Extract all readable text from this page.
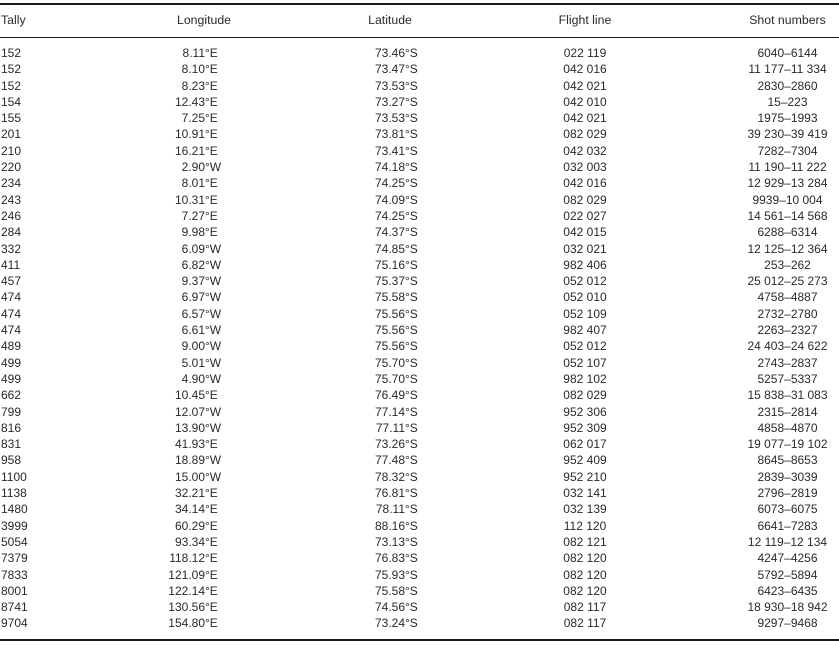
Tally	Longitude	Latitude	Flight line	Shot numbers
152	8.11°E	73.46°S	022 119	6040–6144
152	8.10°E	73.47°S	042 016	11 177–11 334
152	8.23°E	73.53°S	042 021	2830–2860
154	12.43°E	73.27°S	042 010	15–223
155	7.25°E	73.53°S	042 021	1975–1993
201	10.91°E	73.81°S	082 029	39 230–39 419
210	16.21°E	73.41°S	042 032	7282–7304
220	2.90°W	74.18°S	032 003	11 190–11 222
234	8.01°E	74.25°S	042 016	12 929–13 284
243	10.31°E	74.09°S	082 029	9939–10 004
246	7.27°E	74.25°S	022 027	14 561–14 568
284	9.98°E	74.37°S	042 015	6288–6314
332	6.09°W	74.85°S	032 021	12 125–12 364
411	6.82°W	75.16°S	982 406	253–262
457	9.37°W	75.37°S	052 012	25 012–25 273
474	6.97°W	75.58°S	052 010	4758–4887
474	6.57°W	75.56°S	052 109	2732–2780
474	6.61°W	75.56°S	982 407	2263–2327
489	9.00°W	75.56°S	052 012	24 403–24 622
499	5.01°W	75.70°S	052 107	2743–2837
499	4.90°W	75.70°S	982 102	5257–5337
662	10.45°E	76.49°S	082 029	15 838–31 083
799	12.07°W	77.14°S	952 306	2315–2814
816	13.90°W	77.11°S	952 309	4858–4870
831	41.93°E	73.26°S	062 017	19 077–19 102
958	18.89°W	77.48°S	952 409	8645–8653
1100	15.00°W	78.32°S	952 210	2839–3039
1138	32.21°E	76.81°S	032 141	2796–2819
1480	34.14°E	78.11°S	032 139	6073–6075
3999	60.29°E	88.16°S	112 120	6641–7283
5054	93.34°E	73.13°S	082 121	12 119–12 134
7379	118.12°E	76.83°S	082 120	4247–4256
7833	121.09°E	75.93°S	082 120	5792–5894
8001	122.14°E	75.58°S	082 120	6423–6435
8741	130.56°E	74.56°S	082 117	18 930–18 942
9704	154.80°E	73.24°S	082 117	9297–9468
